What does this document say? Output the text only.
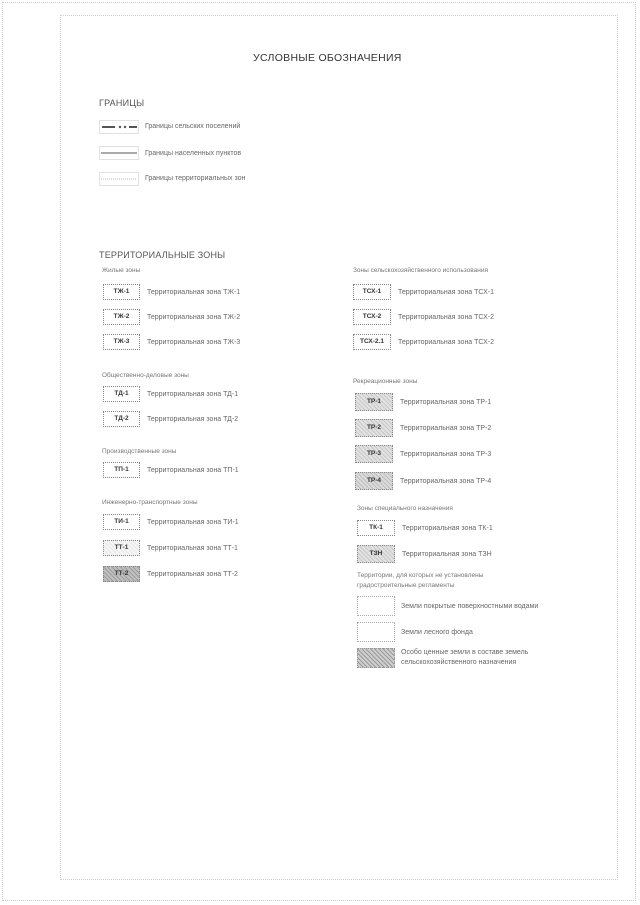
УСЛОВНЫЕ ОБОЗНАЧЕНИЯ
ГРАНИЦЫ
Границы сельских поселений
Границы населенных пунктов
Границы территориальных зон
ТЕРРИТОРИАЛЬНЫЕ ЗОНЫ
Жилые зоны
ТЖ-1	Территориальная зона ТЖ-1
ТЖ-2	Территориальная зона ТЖ-2
ТЖ-3	Территориальная зона ТЖ-3
Общественно-деловые зоны
ТД-1	Территориальная зона ТД-1
ТД-2	Территориальная зона ТД-2
Производственные зоны
ТП-1	Территориальная зона ТП-1
Инженерно-транспортные зоны
ТИ-1	Территориальная зона ТИ-1
ТТ-1	Территориальная зона ТТ-1
ТТ-2	Территориальная зона ТТ-2
Зоны сельскохозяйственного использования
ТСХ-1	Территориальная зона ТСХ-1
ТСХ-2	Территориальная зона ТСХ-2
ТСХ-2.1	Территориальная зона ТСХ-2
Рекреационные зоны
ТР-1	Территориальная зона ТР-1
ТР-2	Территориальная зона ТР-2
ТР-3	Территориальная зона ТР-3
ТР-4	Территориальная зона ТР-4
Зоны специального назначения
ТК-1	Территориальная зона ТК-1
ТЗН	Территориальная зона ТЗН
Территории, для которых не установлены
градостроительные регламенты
Земли покрытые поверхностными водами
Земли лесного фонда
Особо ценные земли в составе земель
сельскохозяйственного назначения
